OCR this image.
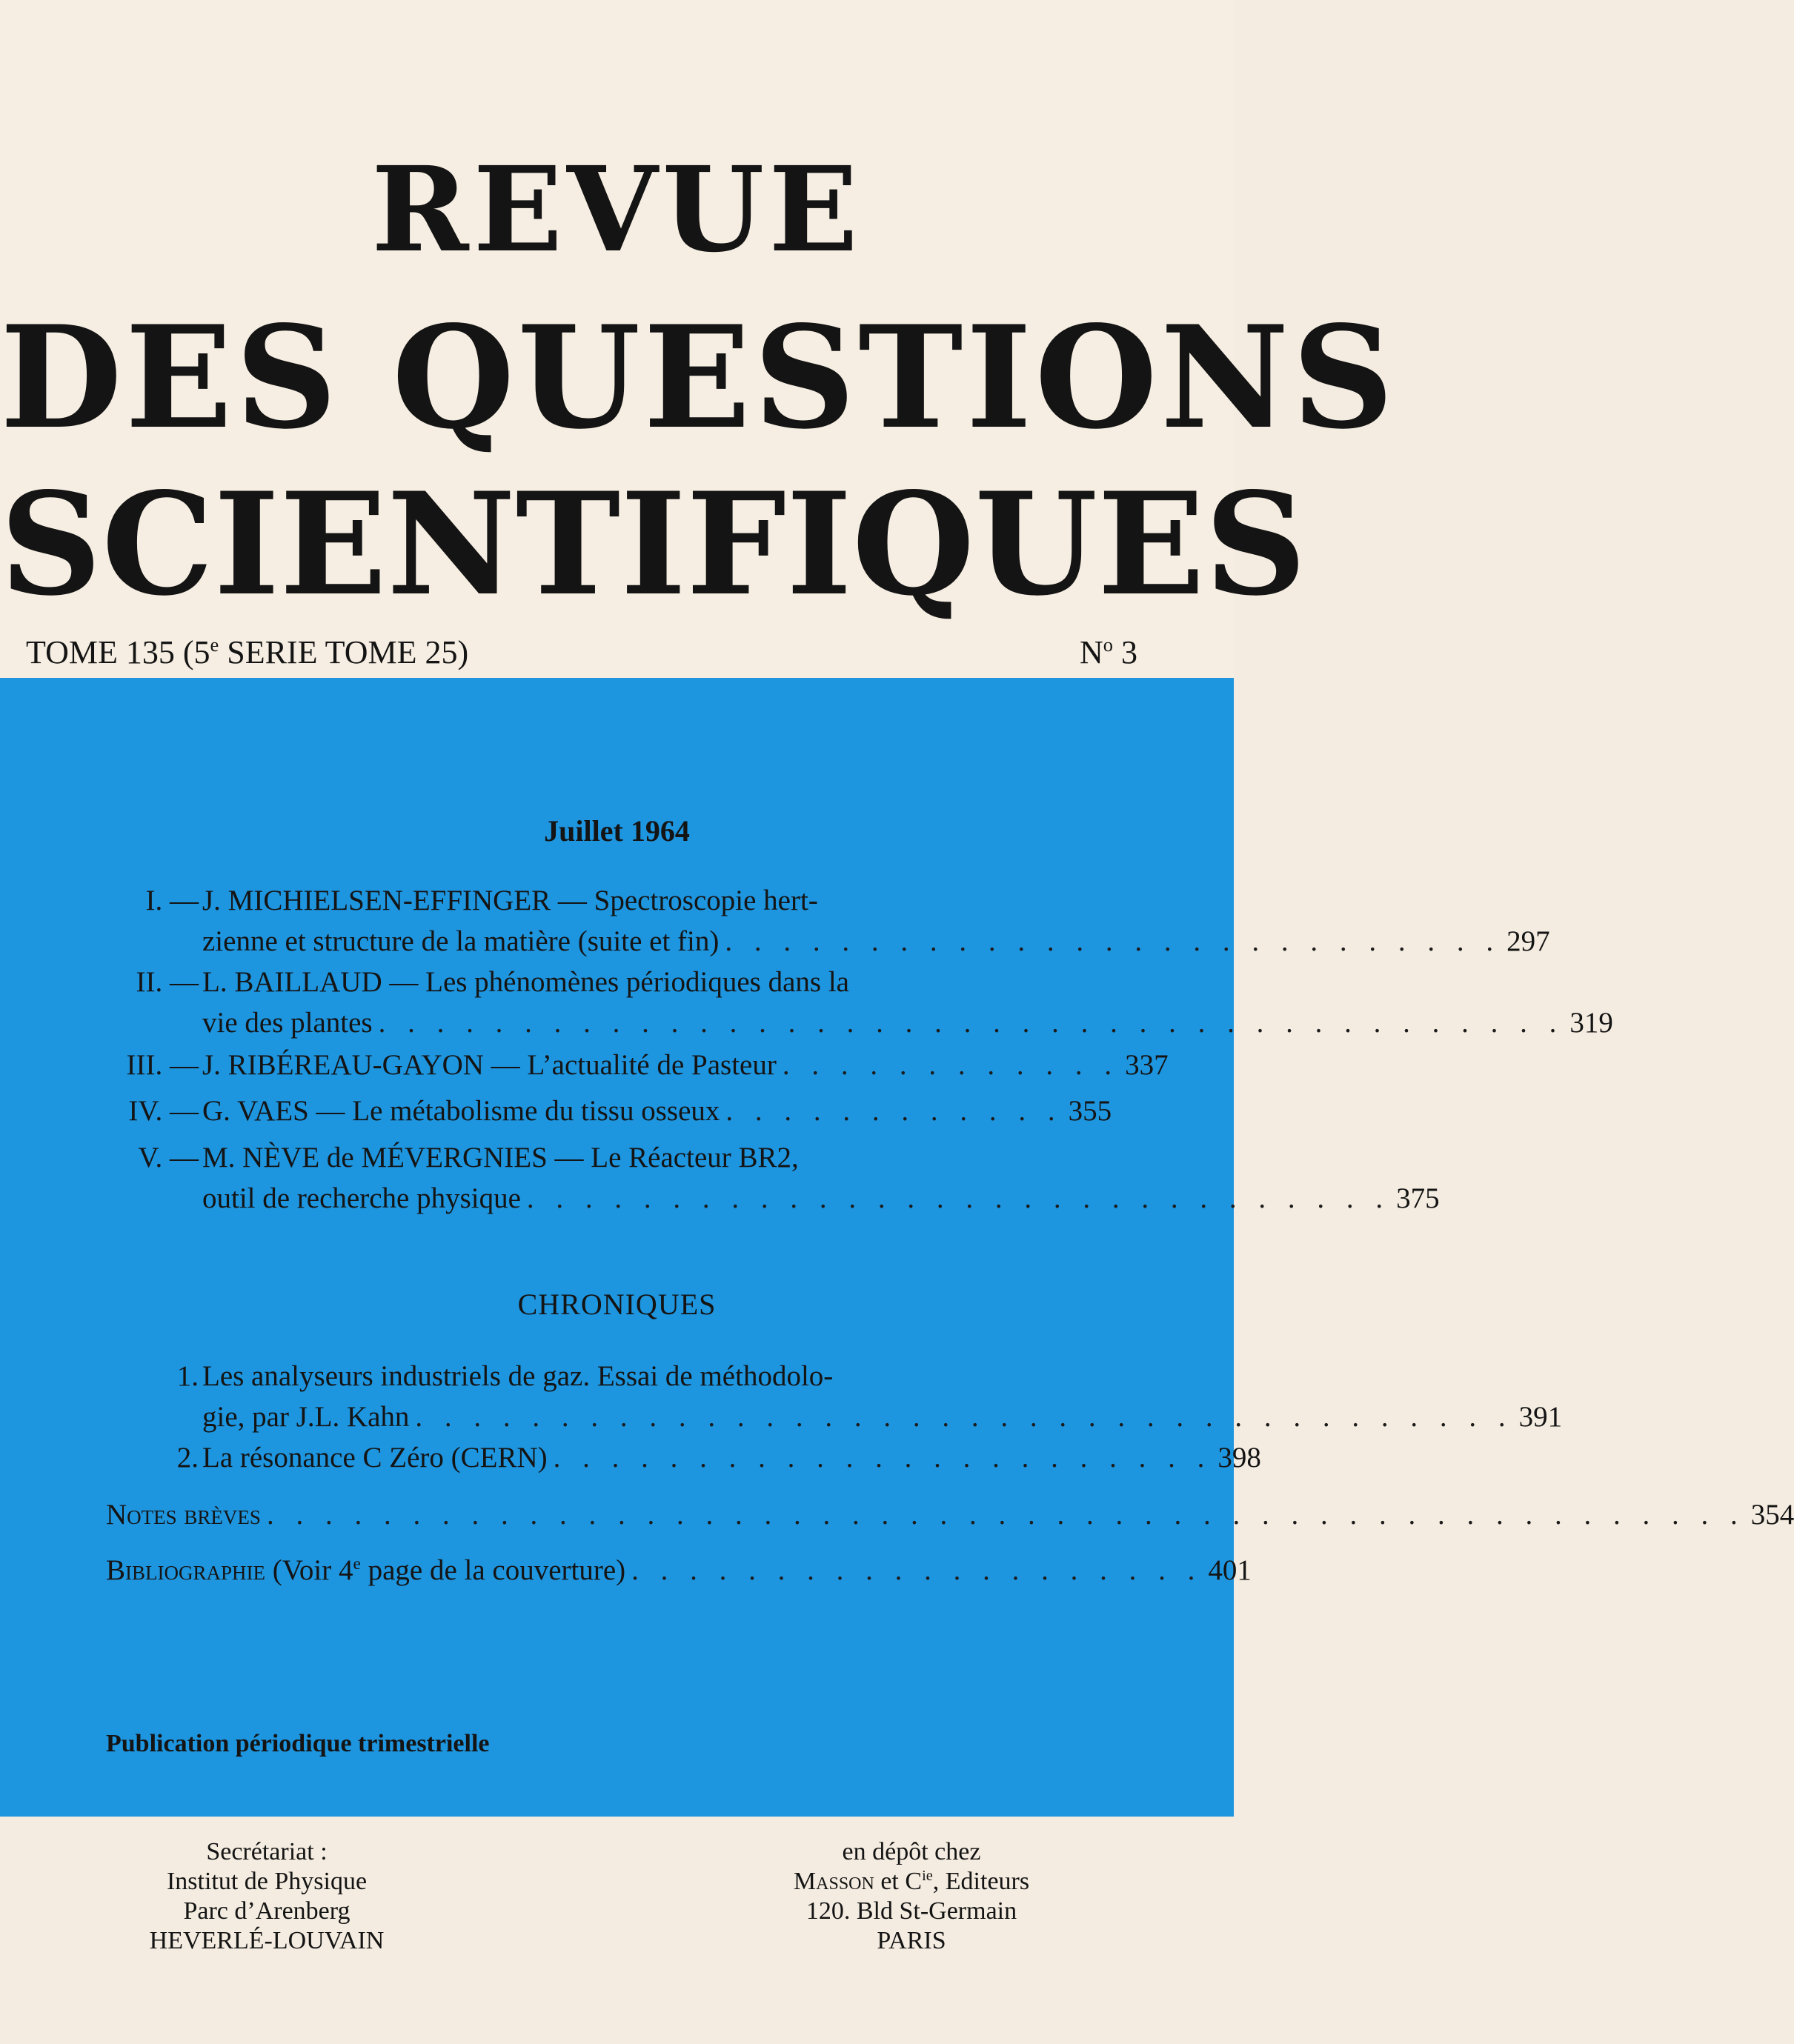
REVUE
DES QUESTIONS
SCIENTIFIQUES
TOME 135 (5e SERIE TOME 25)	$N^o$ 3
Juillet 1964
I. — J. MICHIELSEN-EFFINGER — Spectroscopie hert-
zienne et structure de la matière (suite et fin) . . . . . . . . . . . . . . . . . . . . . . . . . . . 297
II. — L. BAILLAUD — Les phénomènes périodiques dans la
vie des plantes . . . . . . . . . . . . . . . . . . . . . . . . . . . . . . . . . . . . . . . . . 319
III. — J. RIBÉREAU-GAYON — L’actualité de Pasteur . . . . . . . . . . . . 337
IV. — G. VAES — Le métabolisme du tissu osseux . . . . . . . . . . . . 355
V. — M. NÈVE de MÉVERGNIES — Le Réacteur BR2,
outil de recherche physique . . . . . . . . . . . . . . . . . . . . . . . . . . . . . . 375
CHRONIQUES
1. Les analyseurs industriels de gaz. Essai de méthodolo-
gie, par J.L. Kahn . . . . . . . . . . . . . . . . . . . . . . . . . . . . . . . . . . . . . . 391
2. La résonance C Zéro (CERN) . . . . . . . . . . . . . . . . . . . . . . . 398
Notes brèves . . . . . . . . . . . . . . . . . . . . . . . . . . . . . . . . . . . . . . . . . . . . . . . . . . . 354
Bibliographie (Voir 4e page de la couverture) . . . . . . . . . . . . . . . . . . . . 401
Publication périodique trimestrielle
Secrétariat :
Institut de Physique
Parc d’Arenberg
HEVERLÉ-LOUVAIN
en dépôt chez
Masson et $C^{ie}$, Editeurs
120. Bld St-Germain
PARIS
